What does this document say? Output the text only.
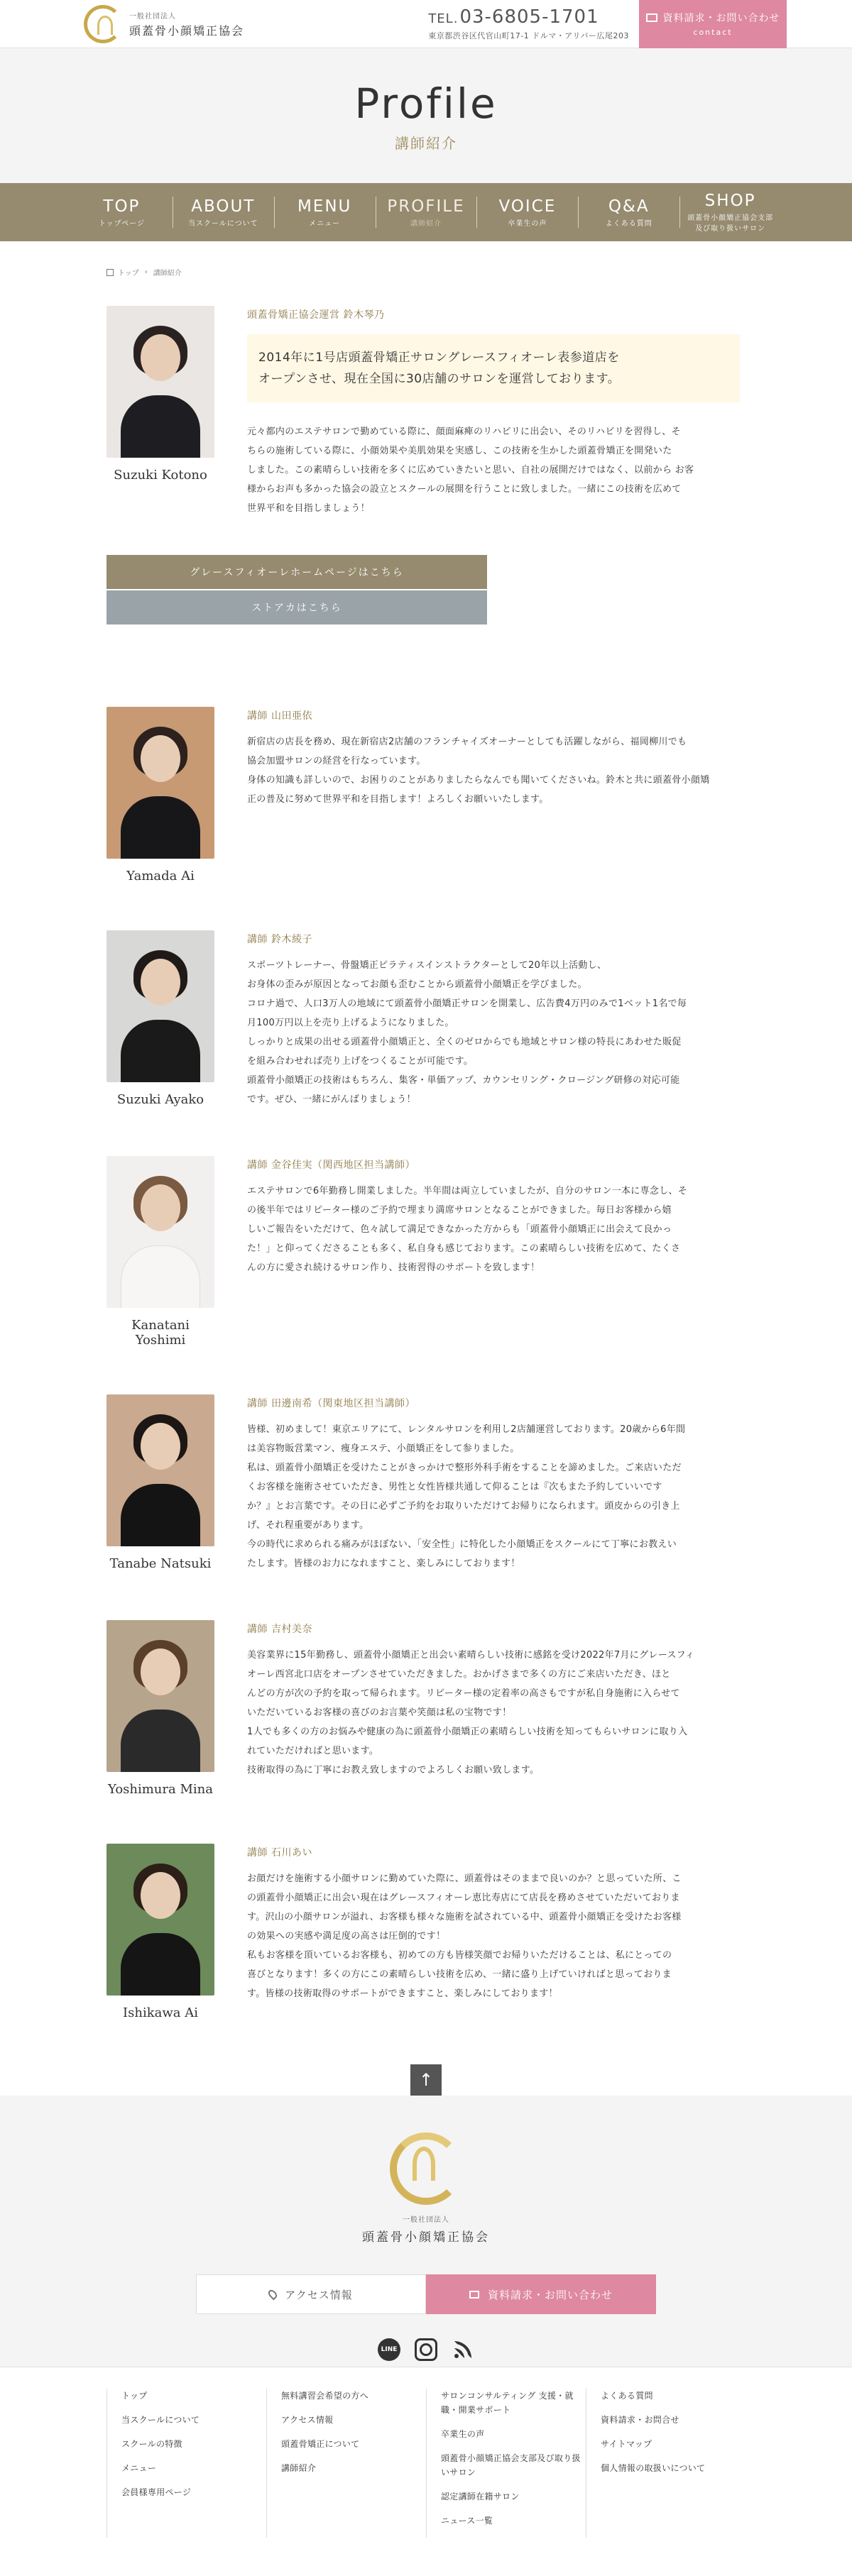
一般社団法人
頭蓋骨小顔矯正協会
TEL.03-6805-1701
東京都渋谷区代官山町17-1 ドルマ・アリバー広尾203
資料請求・お問い合わせ
contact
Profile
講師紹介
TOP
トップページ
ABOUT
当スクールについて
MENU
メニュー
PROFILE
講師紹介
VOICE
卒業生の声
Q&A
よくある質問
SHOP
頭蓋骨小顔矯正協会支部
及び取り扱いサロン
トップ › 講師紹介
Suzuki Kotono
頭蓋骨矯正協会運営 鈴木琴乃

2014年に1号店頭蓋骨矯正サロングレースフィオーレ表参道店を

オープンさせ、現在全国に30店舗のサロンを運営しております。

元々都内のエステサロンで勤めている際に、顔面麻痺のリハビリに出会い、そのリハビリを習得し、そ

ちらの施術している際に、小顔効果や美肌効果を実感し、この技術を生かした頭蓋骨矯正を開発いた

しました。この素晴らしい技術を多くに広めていきたいと思い、自社の展開だけではなく、以前から お客

様からお声も多かった協会の設立とスクールの展開を行うことに致しました。一緒にこの技術を広めて

世界平和を目指しましょう！

グレースフィオーレホームページはこちら
ストアカはこちら
Yamada Ai
講師 山田亜依

新宿店の店長を務め、現在新宿店2店舗のフランチャイズオーナーとしても活躍しながら、福岡柳川でも

協会加盟サロンの経営を行なっています。

身体の知識も詳しいので、お困りのことがありましたらなんでも聞いてくださいね。鈴木と共に頭蓋骨小顔矯

正の普及に努めて世界平和を目指します！よろしくお願いいたします。

Suzuki Ayako
講師 鈴木綾子

スポーツトレーナー、骨盤矯正ピラティスインストラクターとして20年以上活動し、

お身体の歪みが原因となってお顔も歪むことから頭蓋骨小顔矯正を学びました。

コロナ過で、人口3万人の地域にて頭蓋骨小顔矯正サロンを開業し、広告費4万円のみで1ベット1名で毎

月100万円以上を売り上げるようになりました。

しっかりと成果の出せる頭蓋骨小顔矯正と、全くのゼロからでも地域とサロン様の特長にあわせた販促

を組み合わせれば売り上げをつくることが可能です。

頭蓋骨小顔矯正の技術はもちろん、集客・単価アップ、カウンセリング・クロージング研修の対応可能

です。ぜひ、一緒にがんばりましょう！

Kanatani Yoshimi
講師 金谷佳実（関西地区担当講師）

エステサロンで6年勤務し開業しました。半年間は両立していましたが、自分のサロン一本に専念し、そ

の後半年ではリピーター様のご予約で埋まり満席サロンとなることができました。毎日お客様から嬉

しいご報告をいただけて、色々試して満足できなかった方からも「頭蓋骨小顔矯正に出会えて良かっ

た！」と仰ってくださることも多く、私自身も感じております。この素晴らしい技術を広めて、たくさ

んの方に愛され続けるサロン作り、技術習得のサポートを致します！

Tanabe Natsuki
講師 田邊南希（関東地区担当講師）

皆様、初めまして！東京エリアにて、レンタルサロンを利用し2店舗運営しております。20歳から6年間

は美容物販営業マン、痩身エステ、小顔矯正をして参りました。

私は、頭蓋骨小顔矯正を受けたことがきっかけで整形外科手術をすることを諦めました。ご来店いただ

くお客様を施術させていただき、男性と女性皆様共通して仰ることは『次もまた予約していいです

か？』とお言葉です。その日に必ずご予約をお取りいただけてお帰りになられます。頭皮からの引き上

げ、それ程重要があります。

今の時代に求められる痛みがほぼない、「安全性」に特化した小顔矯正をスクールにて丁寧にお教えい

たします。皆様のお力になれますこと、楽しみにしております！

Yoshimura Mina
講師 吉村美奈

美容業界に15年勤務し、頭蓋骨小顔矯正と出会い素晴らしい技術に感銘を受け2022年7月にグレースフィ

オーレ西宮北口店をオープンさせていただきました。おかげさまで多くの方にご来店いただき、ほと

んどの方が次の予約を取って帰られます。リピーター様の定着率の高さもですが私自身施術に入らせて

いただいているお客様の喜びのお言葉や笑顔は私の宝物です！

1人でも多くの方のお悩みや健康の為に頭蓋骨小顔矯正の素晴らしい技術を知ってもらいサロンに取り入

れていただければと思います。

技術取得の為に丁寧にお教え致しますのでよろしくお願い致します。

Ishikawa Ai
講師 石川あい

お顔だけを施術する小顔サロンに勤めていた際に、頭蓋骨はそのままで良いのか？と思っていた所、こ

の頭蓋骨小顔矯正に出会い現在はグレースフィオーレ恵比寿店にて店長を務めさせていただいておりま

す。沢山の小顔サロンが溢れ、お客様も様々な施術を試されている中、頭蓋骨小顔矯正を受けたお客様

の効果への実感や満足度の高さは圧倒的です！

私もお客様を頂いているお客様も、初めての方も皆様笑顔でお帰りいただけることは、私にとっての

喜びとなります！多くの方にこの素晴らしい技術を広め、一緒に盛り上げていければと思っておりま

す。皆様の技術取得のサポートができますこと、楽しみにしております！

↑
一般社団法人
頭蓋骨小顔矯正協会
アクセス情報	資料請求・お問い合わせ
LINE
トップ
当スクールについて
スクールの特徴
メニュー
会員様専用ページ
無料講習会希望の方へ
アクセス情報
頭蓋骨矯正について
講師紹介
サロンコンサルティング 支援・就職・開業サポート
卒業生の声
頭蓋骨小顔矯正協会支部及び取り扱いサロン
認定講師在籍サロン
ニュース一覧
よくある質問
資料請求・お問合せ
サイトマップ
個人情報の取扱いについて
